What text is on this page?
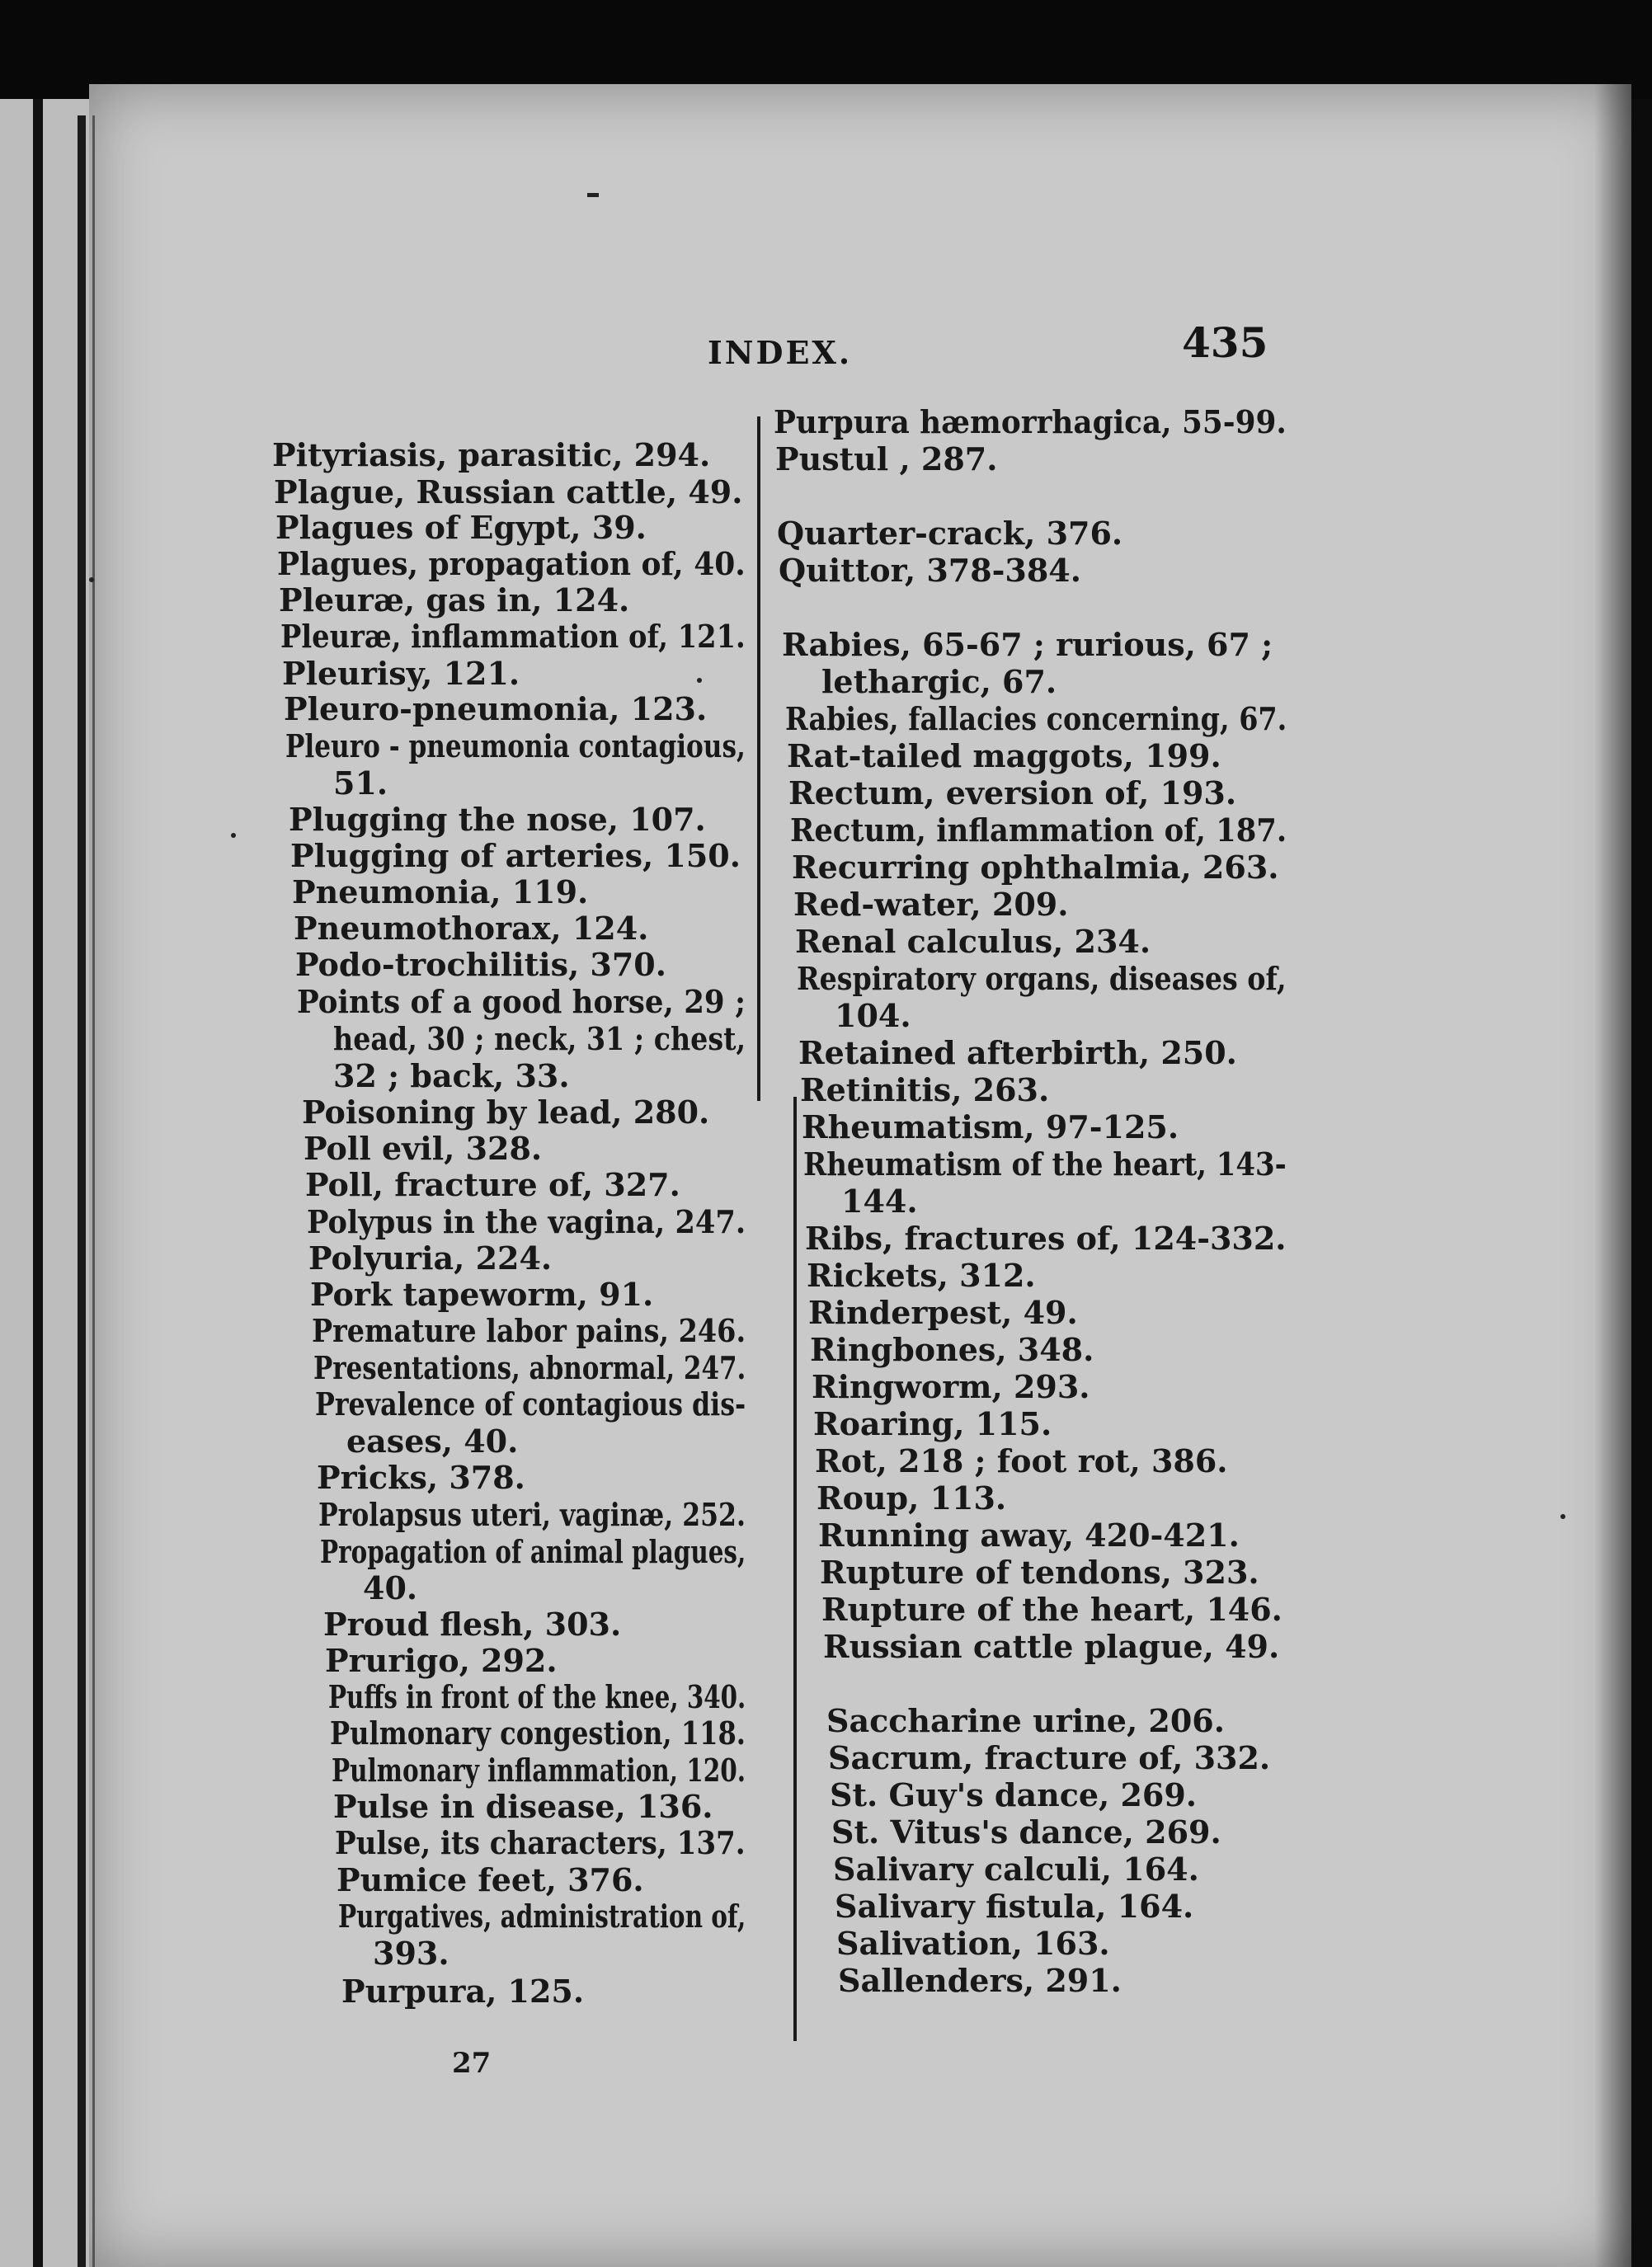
INDEX.	435
Pityriasis, parasitic, 294.
Plague, Russian cattle, 49.
Plagues of Egypt, 39.
Plagues, propagation of, 40.
Pleuræ, gas in, 124.
Pleuræ, inflammation of, 121.
Pleurisy, 121.
Pleuro-pneumonia, 123.
Pleuro - pneumonia contagious,
51.
Plugging the nose, 107.
Plugging of arteries, 150.
Pneumonia, 119.
Pneumothorax, 124.
Podo-trochilitis, 370.
Points of a good horse, 29 ;
head, 30 ; neck, 31 ; chest,
32 ; back, 33.
Poisoning by lead, 280.
Poll evil, 328.
Poll, fracture of, 327.
Polypus in the vagina, 247.
Polyuria, 224.
Pork tapeworm, 91.
Premature labor pains, 246.
Presentations, abnormal, 247.
Prevalence of contagious dis-
eases, 40.
Pricks, 378.
Prolapsus uteri, vaginæ, 252.
Propagation of animal plagues,
40.
Proud flesh, 303.
Prurigo, 292.
Puffs in front of the knee, 340.
Pulmonary congestion, 118.
Pulmonary inflammation, 120.
Pulse in disease, 136.
Pulse, its characters, 137.
Pumice feet, 376.
Purgatives, administration of,
393.
Purpura, 125.
Purpura hæmorrhagica, 55-99.
Pustul , 287.
Quarter-crack, 376.
Quittor, 378-384.
Rabies, 65-67 ; rurious, 67 ;
lethargic, 67.
Rabies, fallacies concerning, 67.
Rat-tailed maggots, 199.
Rectum, eversion of, 193.
Rectum, inflammation of, 187.
Recurring ophthalmia, 263.
Red-water, 209.
Renal calculus, 234.
Respiratory organs, diseases of,
104.
Retained afterbirth, 250.
Retinitis, 263.
Rheumatism, 97-125.
Rheumatism of the heart, 143-
144.
Ribs, fractures of, 124-332.
Rickets, 312.
Rinderpest, 49.
Ringbones, 348.
Ringworm, 293.
Roaring, 115.
Rot, 218 ; foot rot, 386.
Roup, 113.
Running away, 420-421.
Rupture of tendons, 323.
Rupture of the heart, 146.
Russian cattle plague, 49.
Saccharine urine, 206.
Sacrum, fracture of, 332.
St. Guy's dance, 269.
St. Vitus's dance, 269.
Salivary calculi, 164.
Salivary fistula, 164.
Salivation, 163.
Sallenders, 291.
27
